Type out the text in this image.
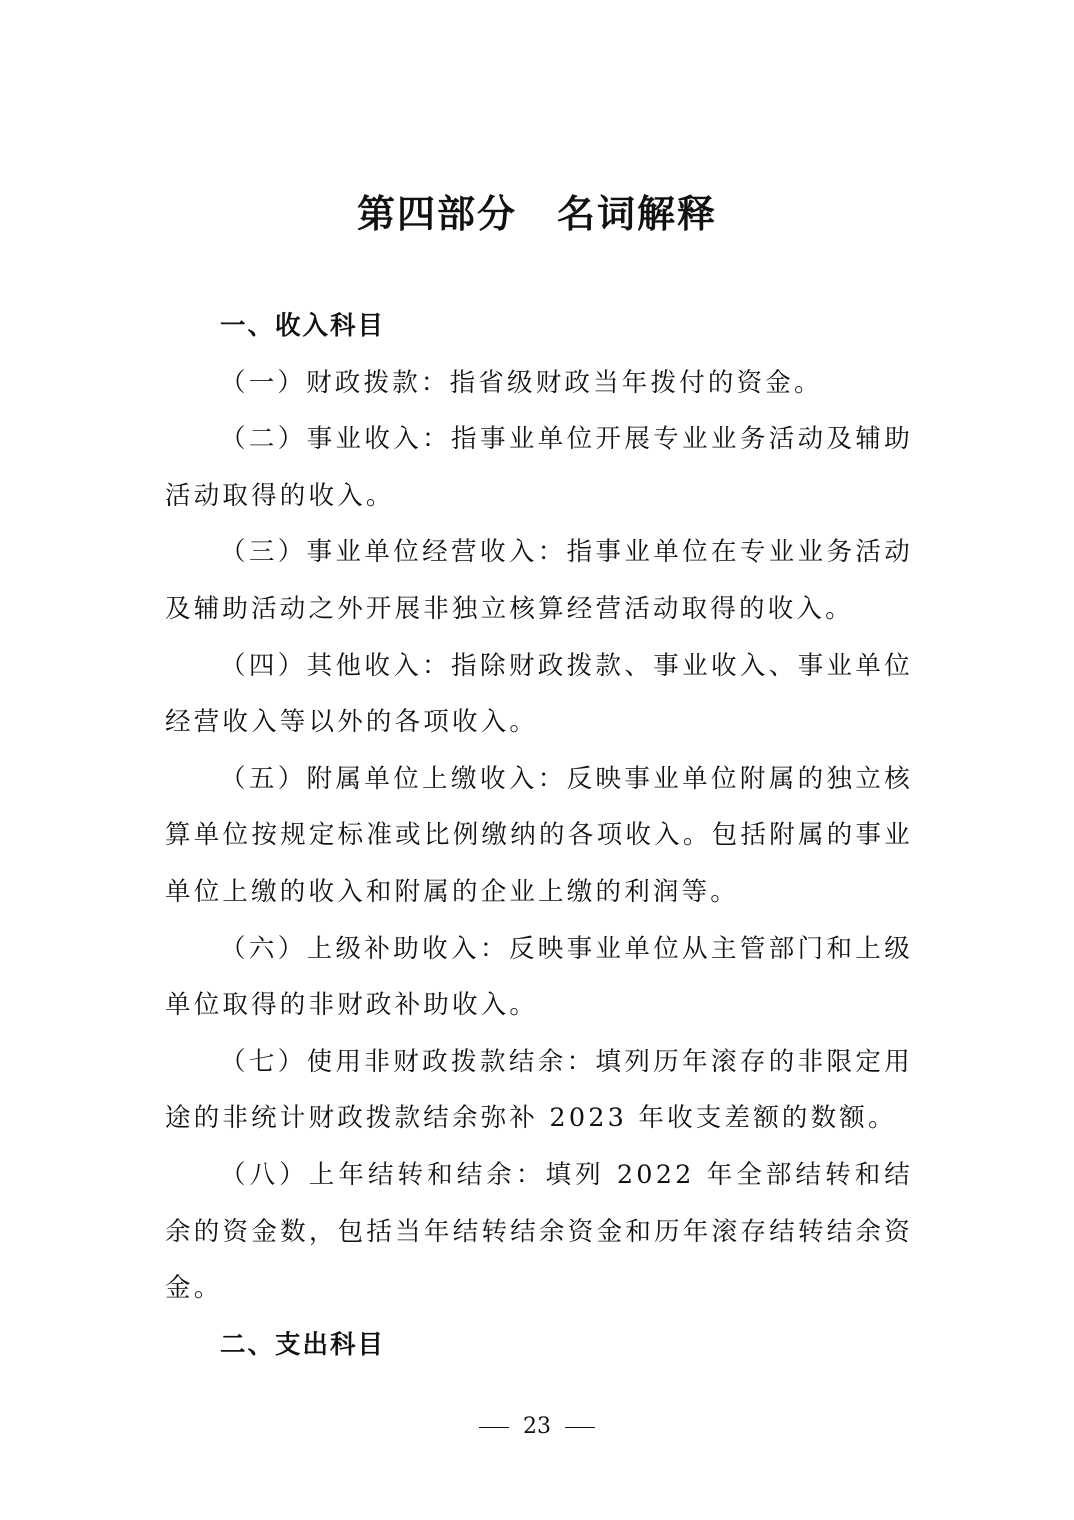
第四部分　名词解释

一、收入科目

（一）财政拨款：指省级财政当年拨付的资金。

（二）事业收入：指事业单位开展专业业务活动及辅助活动取得的收入。

（三）事业单位经营收入：指事业单位在专业业务活动及辅助活动之外开展非独立核算经营活动取得的收入。

（四）其他收入：指除财政拨款、事业收入、事业单位经营收入等以外的各项收入。

（五）附属单位上缴收入：反映事业单位附属的独立核算单位按规定标准或比例缴纳的各项收入。包括附属的事业单位上缴的收入和附属的企业上缴的利润等。

（六）上级补助收入：反映事业单位从主管部门和上级单位取得的非财政补助收入。

（七）使用非财政拨款结余：填列历年滚存的非限定用途的非统计财政拨款结余弥补 2023 年收支差额的数额。

（八）上年结转和结余：填列 2022 年全部结转和结余的资金数，包括当年结转结余资金和历年滚存结转结余资金。

二、支出科目

23
